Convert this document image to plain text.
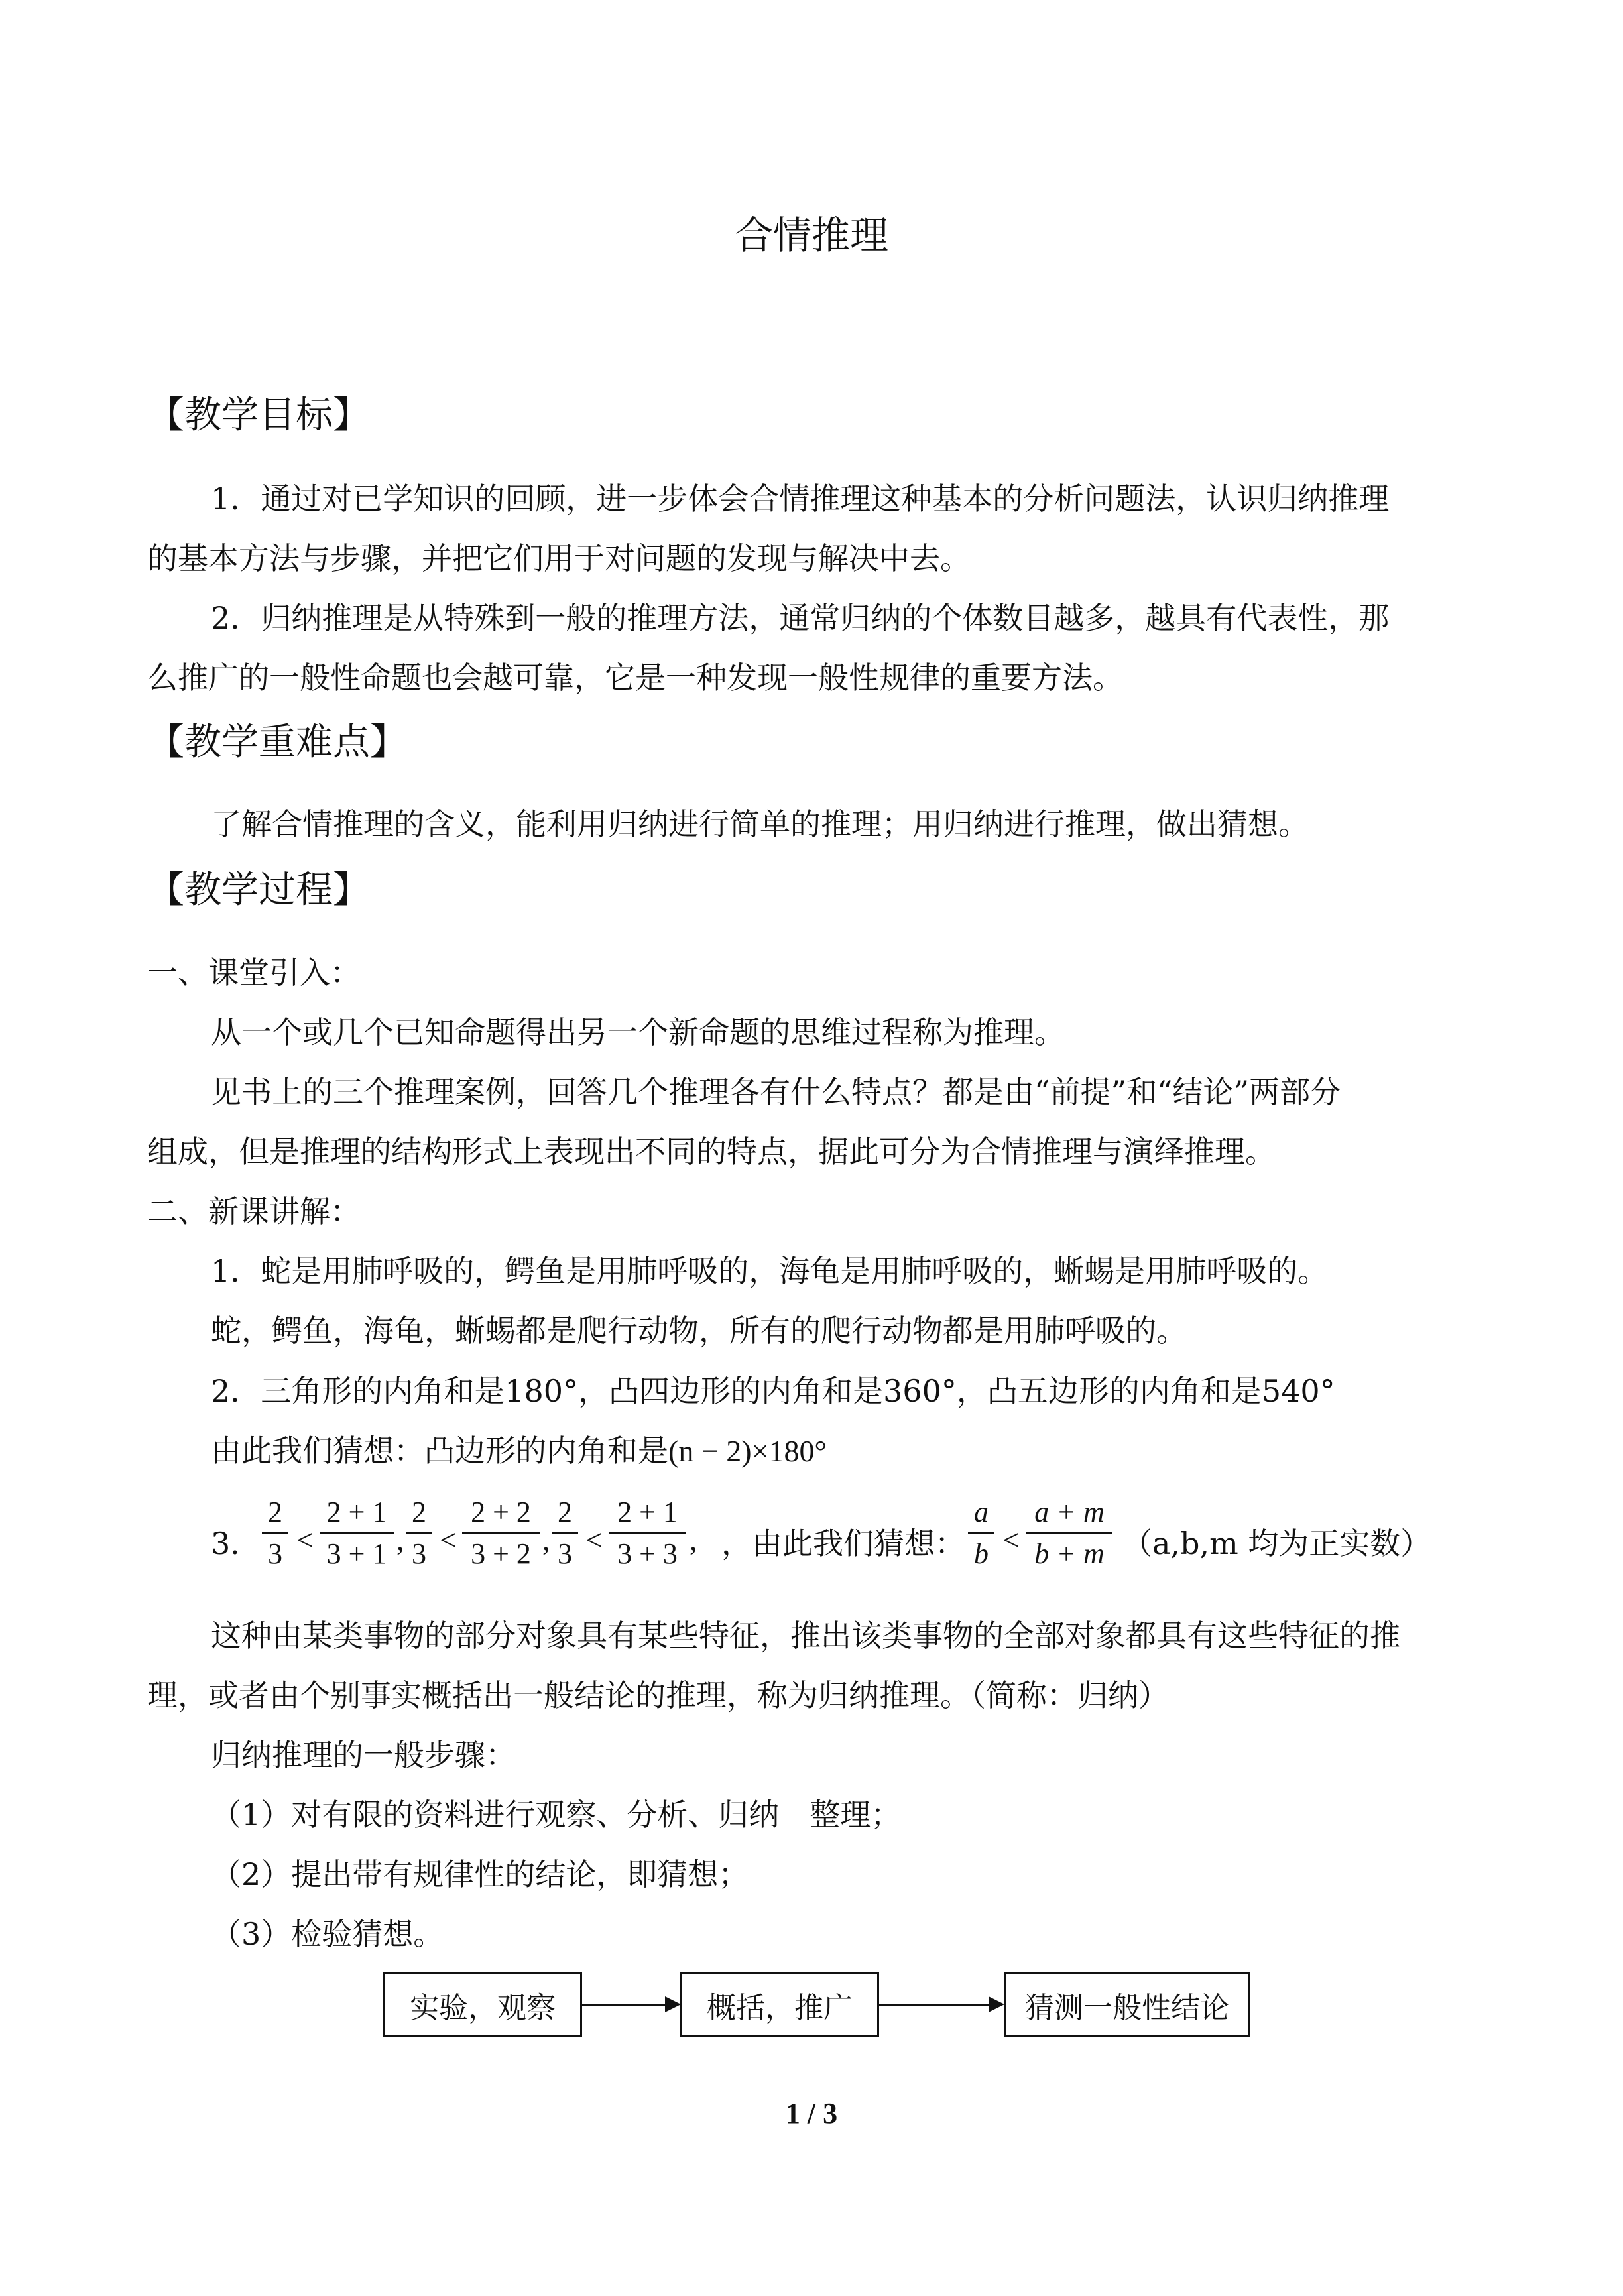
合情推理
【教学目标】
1．通过对已学知识的回顾，进一步体会合情推理这种基本的分析问题法，认识归纳推理
的基本方法与步骤，并把它们用于对问题的发现与解决中去。
2．归纳推理是从特殊到一般的推理方法，通常归纳的个体数目越多，越具有代表性，那
么推广的一般性命题也会越可靠，它是一种发现一般性规律的重要方法。
【教学重难点】
了解合情推理的含义，能利用归纳进行简单的推理；用归纳进行推理，做出猜想。
【教学过程】
一、课堂引入：
从一个或几个已知命题得出另一个新命题的思维过程称为推理。
见书上的三个推理案例，回答几个推理各有什么特点？都是由“前提”和“结论”两部分
组成，但是推理的结构形式上表现出不同的特点，据此可分为合情推理与演绎推理。
二、新课讲解：
1．蛇是用肺呼吸的，鳄鱼是用肺呼吸的，海龟是用肺呼吸的，蜥蜴是用肺呼吸的。
蛇，鳄鱼，海龟，蜥蜴都是爬行动物，所有的爬行动物都是用肺呼吸的。
2．三角形的内角和是180°，凸四边形的内角和是360°，凸五边形的内角和是540°
由此我们猜想：凸边形的内角和是(n − 2)×180°
3．
2
3 <
2 + 1
3 + 1 ,
2
3 <
2 + 2
3 + 2 ,
2
3 <
2 + 1
3 + 3 , ，由此我们猜想：
a
b <
a + m
b + m （a,b,m 均为正实数）
这种由某类事物的部分对象具有某些特征，推出该类事物的全部对象都具有这些特征的推
理，或者由个别事实概括出一般结论的推理，称为归纳推理。（简称：归纳）
归纳推理的一般步骤：
（1）对有限的资料进行观察、分析、归纳　整理；
（2）提出带有规律性的结论，即猜想；
（3）检验猜想。
实验，观察	概括，推广	猜测一般性结论
1 / 3
